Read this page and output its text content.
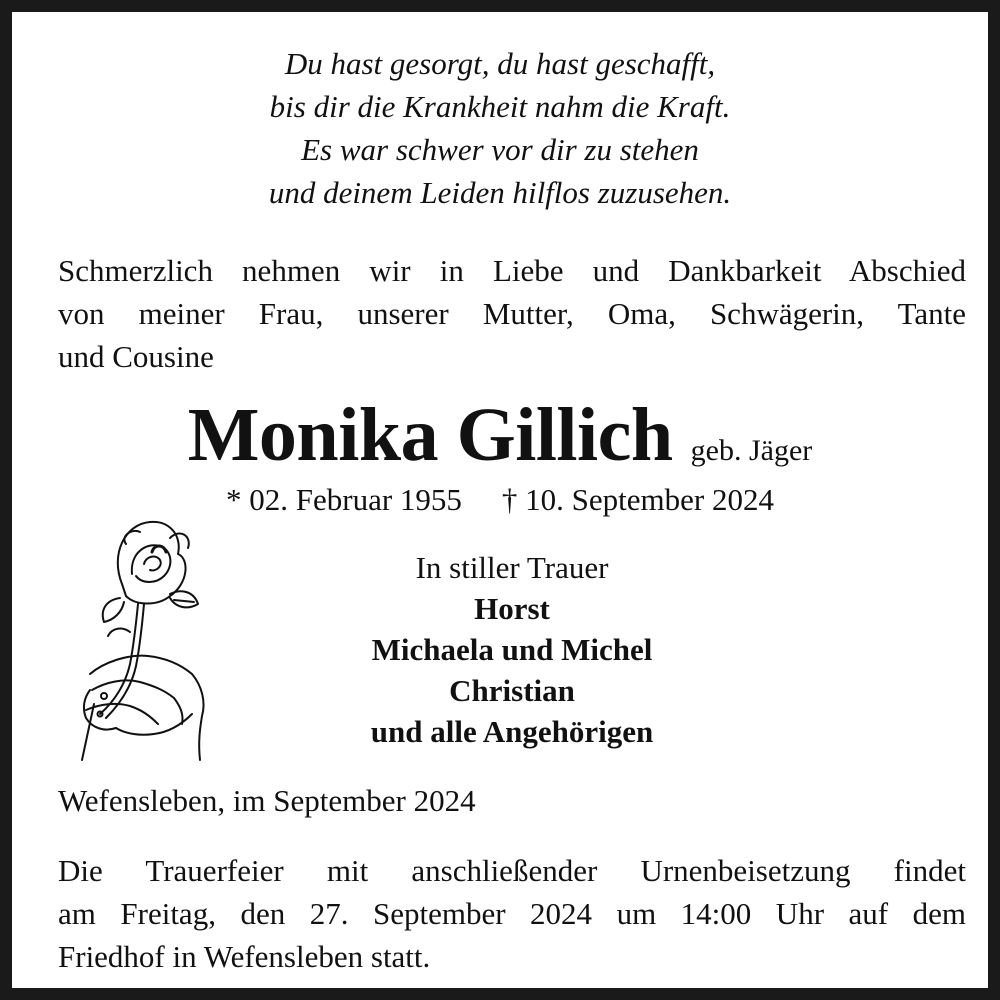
Du hast gesorgt, du hast geschafft,
bis dir die Krankheit nahm die Kraft.
Es war schwer vor dir zu stehen
und deinem Leiden hilflos zuzusehen.
Schmerzlich nehmen wir in Liebe und Dankbarkeit Abschied
von meiner Frau, unserer Mutter, Oma, Schwägerin, Tante
und Cousine
Monika Gillich geb. Jäger
* 02. Februar 1955 † 10. September 2024
In stiller Trauer
Horst
Michaela und Michel
Christian
und alle Angehörigen
Wefensleben, im September 2024
Die Trauerfeier mit anschließender Urnenbeisetzung findet
am Freitag, den 27. September 2024 um 14:00 Uhr auf dem
Friedhof in Wefensleben statt.
